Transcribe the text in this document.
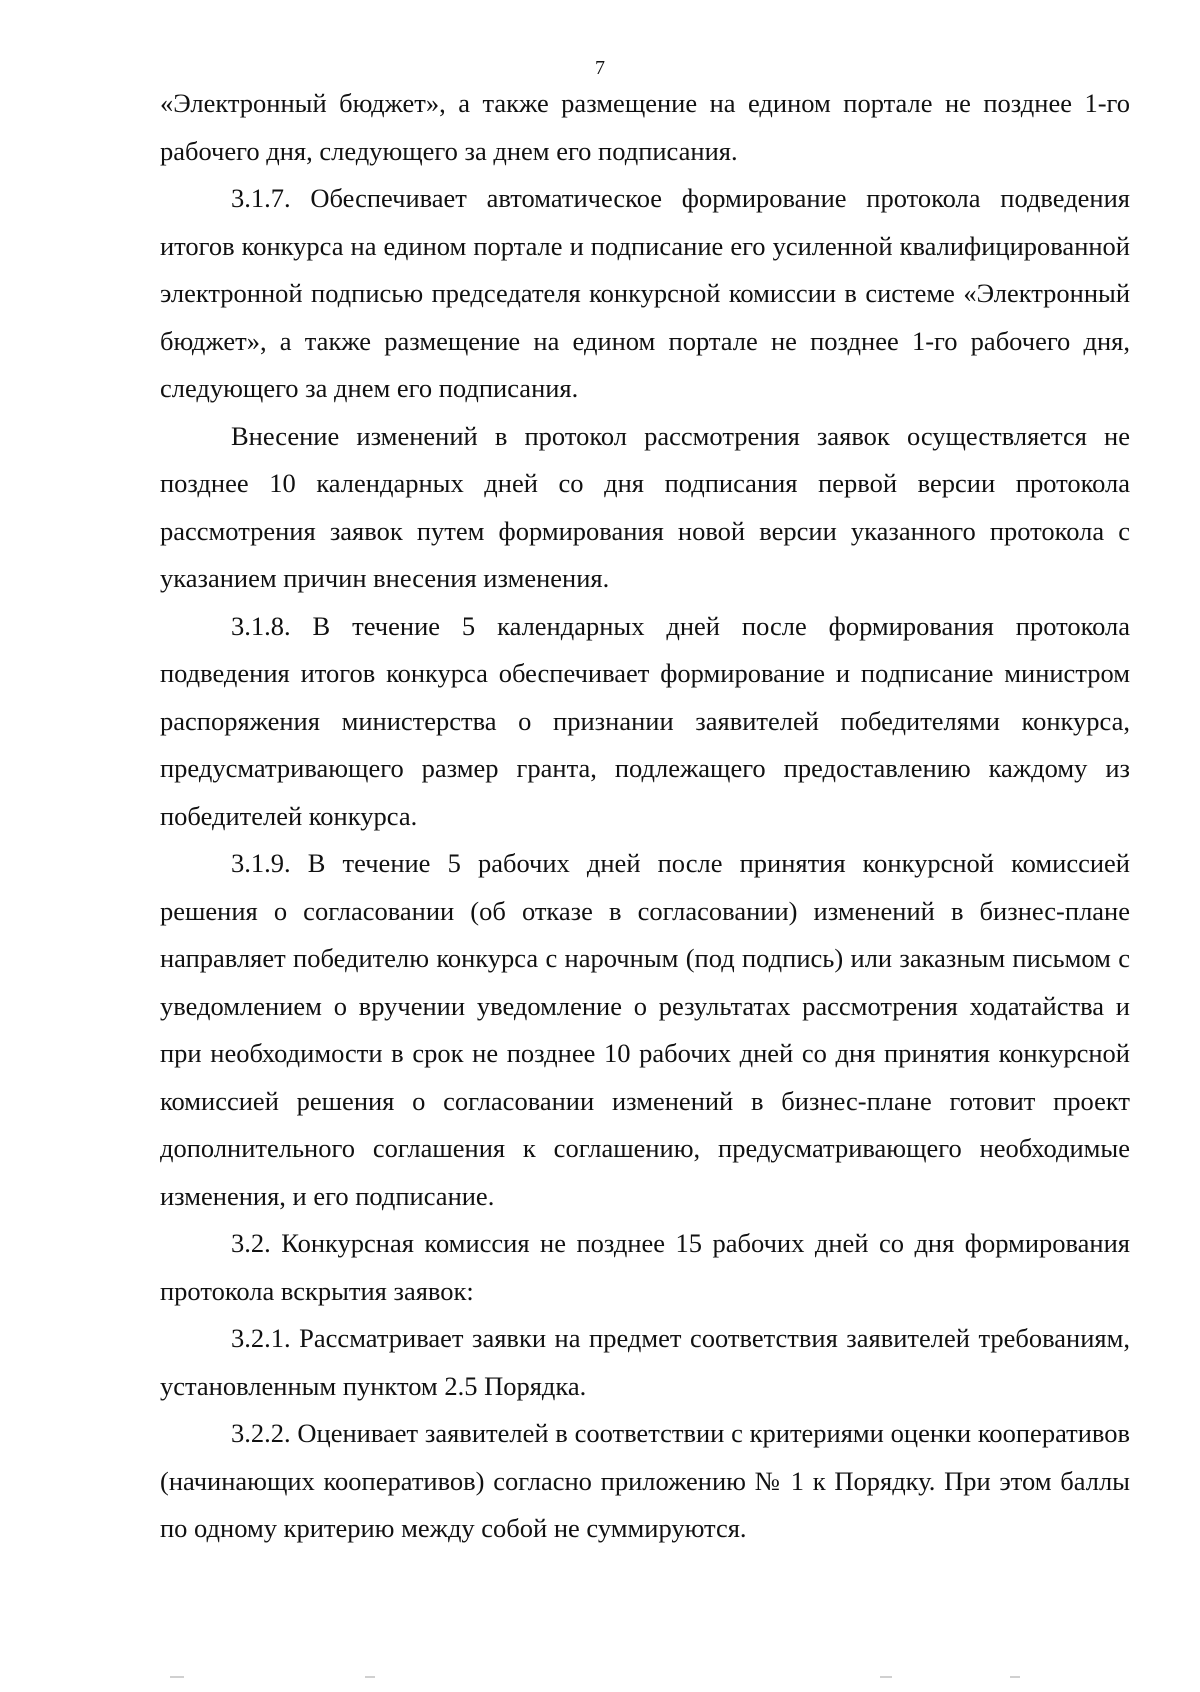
7

«Электронный бюджет», а также размещение на едином портале не позднее 1-го рабочего дня, следующего за днем его подписания.

3.1.7. Обеспечивает автоматическое формирование протокола подведения итогов конкурса на едином портале и подписание его усиленной квалифицированной электронной подписью председателя конкурсной комиссии в системе «Электронный бюджет», а также размещение на едином портале не позднее 1-го рабочего дня, следующего за днем его подписания.

Внесение изменений в протокол рассмотрения заявок осуществляется не позднее 10 календарных дней со дня подписания первой версии протокола рассмотрения заявок путем формирования новой версии указанного протокола с указанием причин внесения изменения.

3.1.8. В течение 5 календарных дней после формирования протокола подведения итогов конкурса обеспечивает формирование и подписание министром распоряжения министерства о признании заявителей победителями конкурса, предусматривающего размер гранта, подлежащего предоставлению каждому из победителей конкурса.

3.1.9. В течение 5 рабочих дней после принятия конкурсной комиссией решения о согласовании (об отказе в согласовании) изменений в бизнес-плане направляет победителю конкурса с нарочным (под подпись) или заказным письмом с уведомлением о вручении уведомление о результатах рассмотрения ходатайства и при необходимости в срок не позднее 10 рабочих дней со дня принятия конкурсной комиссией решения о согласовании изменений в бизнес-плане готовит проект дополнительного соглашения к соглашению, предусматривающего необходимые изменения, и его подписание.

3.2. Конкурсная комиссия не позднее 15 рабочих дней со дня формирования протокола вскрытия заявок:

3.2.1. Рассматривает заявки на предмет соответствия заявителей требованиям, установленным пунктом 2.5 Порядка.

3.2.2. Оценивает заявителей в соответствии с критериями оценки кооперативов (начинающих кооперативов) согласно приложению № 1 к Порядку. При этом баллы по одному критерию между собой не суммируются.
